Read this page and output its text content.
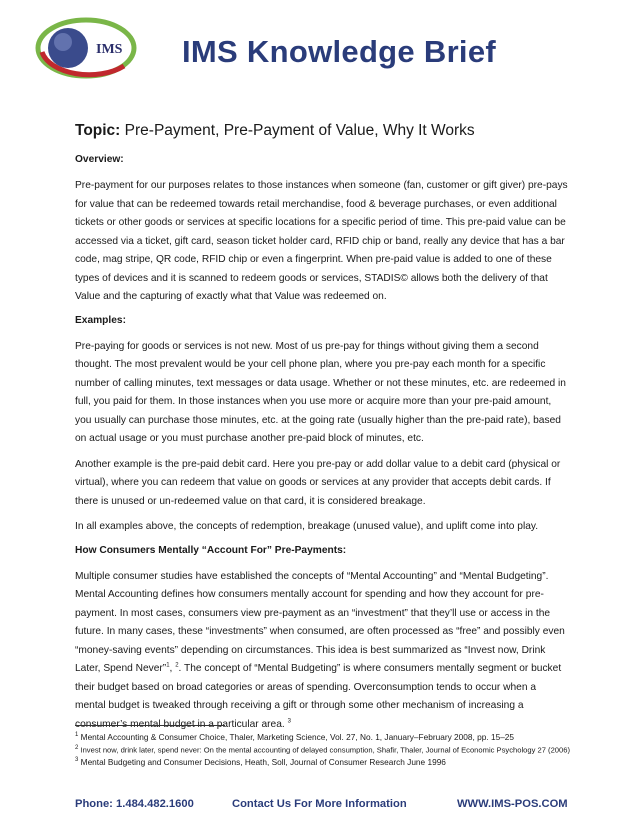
IMS IMS Knowledge Brief
Topic: Pre-Payment, Pre-Payment of Value, Why It Works
Overview:

Pre-payment for our purposes relates to those instances when someone (fan, customer or gift giver) pre-pays for value that can be redeemed towards retail merchandise, food & beverage purchases, or even additional tickets or other goods or services at specific locations for a specific period of time. This pre-paid value can be accessed via a ticket, gift card, season ticket holder card, RFID chip or band, really any device that has a bar code, mag stripe, QR code, RFID chip or even a fingerprint. When pre-paid value is added to one of these types of devices and it is scanned to redeem goods or services, STADIS© allows both the delivery of that Value and the capturing of exactly what that Value was redeemed on.

Examples:

Pre-paying for goods or services is not new. Most of us pre-pay for things without giving them a second thought. The most prevalent would be your cell phone plan, where you pre-pay each month for a specific number of calling minutes, text messages or data usage. Whether or not these minutes, etc. are redeemed in full, you paid for them. In those instances when you use more or acquire more than your pre-paid amount, you usually can purchase those minutes, etc. at the going rate (usually higher than the pre-paid rate), based on actual usage or you must purchase another pre-paid block of minutes, etc.

Another example is the pre-paid debit card. Here you pre-pay or add dollar value to a debit card (physical or virtual), where you can redeem that value on goods or services at any provider that accepts debit cards. If there is unused or un-redeemed value on that card, it is considered breakage.

In all examples above, the concepts of redemption, breakage (unused value), and uplift come into play.

How Consumers Mentally “Account For” Pre-Payments:

Multiple consumer studies have established the concepts of “Mental Accounting” and “Mental Budgeting”. Mental Accounting defines how consumers mentally account for spending and how they account for pre-payment. In most cases, consumers view pre-payment as an “investment” that they’ll use or access in the future. In many cases, these “investments” when consumed, are often processed as “free” and possibly even “money-saving events” depending on circumstances. This idea is best summarized as “Invest now, Drink Later, Spend Never”$^1$, $^2$. The concept of “Mental Budgeting” is where consumers mentally segment or bucket their budget based on broad categories or areas of spending. Overconsumption tends to occur when a mental budget is tweaked through receiving a gift or through some other mechanism of increasing a consumer’s mental budget in a particular area. $^3$

$^1$ Mental Accounting & Consumer Choice, Thaler, Marketing Science, Vol. 27, No. 1, January–February 2008, pp. 15–25
$^2$ Invest now, drink later, spend never: On the mental accounting of delayed consumption, Shafir, Thaler, Journal of Economic Psychology 27 (2006)
$^3$ Mental Budgeting and Consumer Decisions, Heath, Soll, Journal of Consumer Research June 1996
Phone: 1.484.482.1600	Contact Us For More Information	WWW.IMS-POS.COM
